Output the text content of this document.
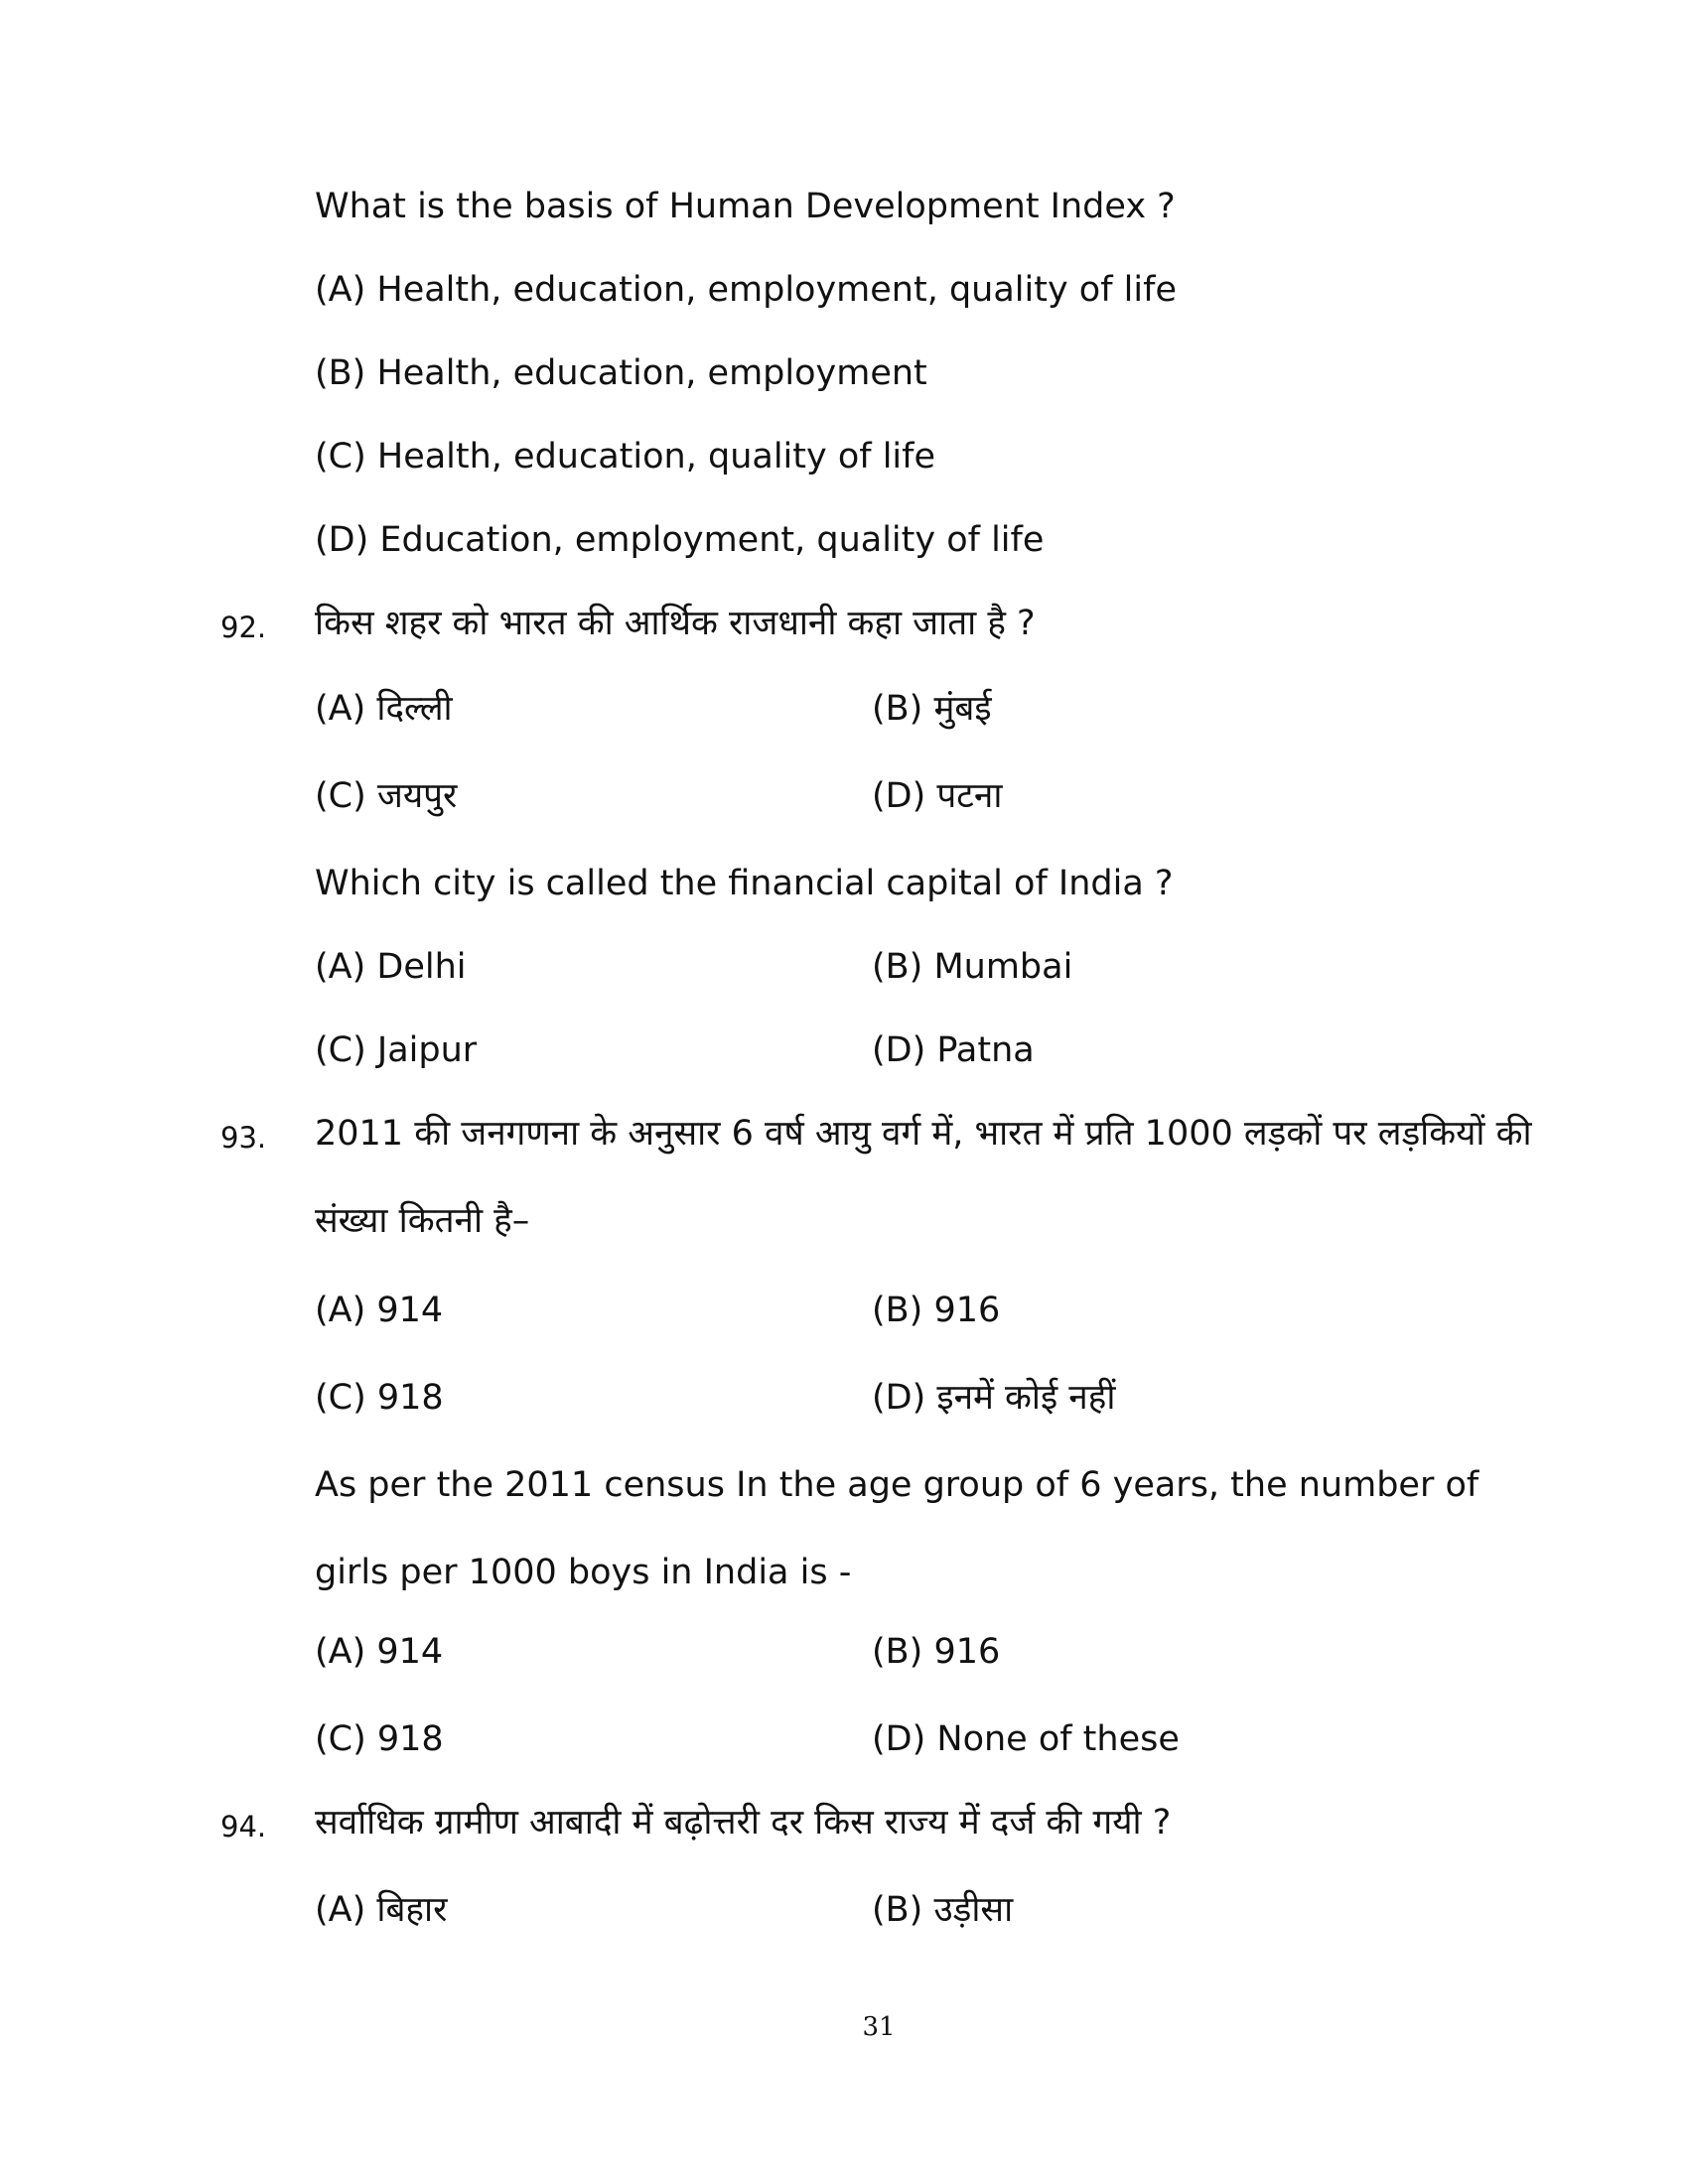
What is the basis of Human Development Index ?
(A) Health, education, employment, quality of life
(B) Health, education, employment
(C) Health, education, quality of life
(D) Education, employment, quality of life
92. किस शहर को भारत की आर्थिक राजधानी कहा जाता है ?
(A) दिल्ली	(B) मुंबई
(C) जयपुर	(D) पटना
Which city is called the financial capital of India ?
(A) Delhi	(B) Mumbai
(C) Jaipur	(D) Patna
93. 2011 की जनगणना के अनुसार 6 वर्ष आयु वर्ग में, भारत में प्रति 1000 लड़कों पर लड़कियों की संख्या कितनी है–
(A) 914	(B) 916
(C) 918	(D) इनमें कोई नहीं
As per the 2011 census In the age group of 6 years, the number of girls per 1000 boys in India is -
(A) 914	(B) 916
(C) 918	(D) None of these
94. सर्वाधिक ग्रामीण आबादी में बढ़ोत्तरी दर किस राज्य में दर्ज की गयी ?
(A) बिहार	(B) उड़ीसा
31
